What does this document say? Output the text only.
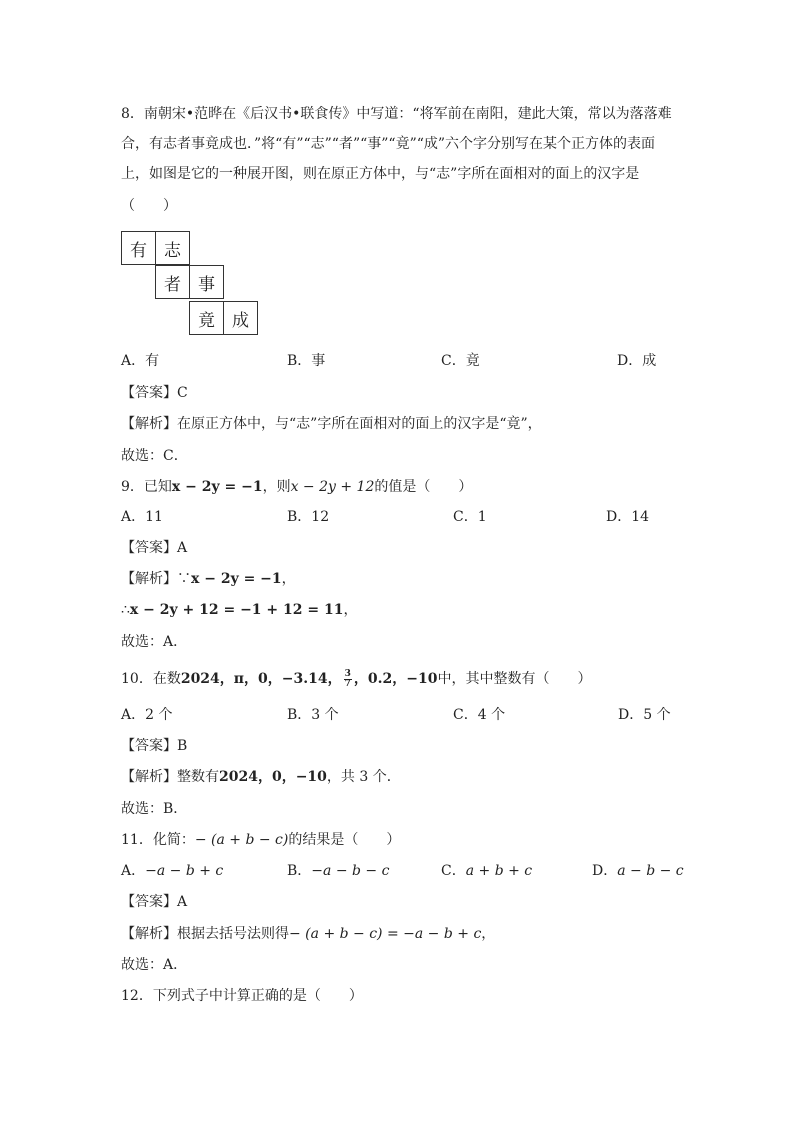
8．南朝宋•范晔在《后汉书•联食传》中写道：“将军前在南阳，建此大策，常以为落落难
合，有志者事竟成也．”将“有”“志”“者”“事”“竟”“成”六个字分别写在某个正方体的表面
上，如图是它的一种展开图，则在原正方体中，与“志”字所在面相对的面上的汉字是
（　　）
有	志
者	事
竟	成
A．有	B．事	C．竟	D．成
【答案】C
【解析】在原正方体中，与“志”字所在面相对的面上的汉字是“竟”，
故选：C．
9．已知x − 2y = −1，则x − 2y + 12的值是（　　）
A．11	B．12	C．1	D．14
【答案】A
【解析】∵x − 2y = −1，
∴x − 2y + 12 = −1 + 12 = 11，
故选：A．
10．在数2024，π，0，−3.14， $\frac{3}{7}$ ，0.2，−10中，其中整数有（　　）
A．2 个	B．3 个	C．4 个	D．5 个
【答案】B
【解析】整数有2024，0，−10，共 3 个．
故选：B．
11．化简：− (a + b − c)的结果是（　　）
A．−a − b + c	B．−a − b − c	C．a + b + c	D．a − b − c
【答案】A
【解析】根据去括号法则得− (a + b − c) = −a − b + c，
故选：A．
12．下列式子中计算正确的是（　　）
